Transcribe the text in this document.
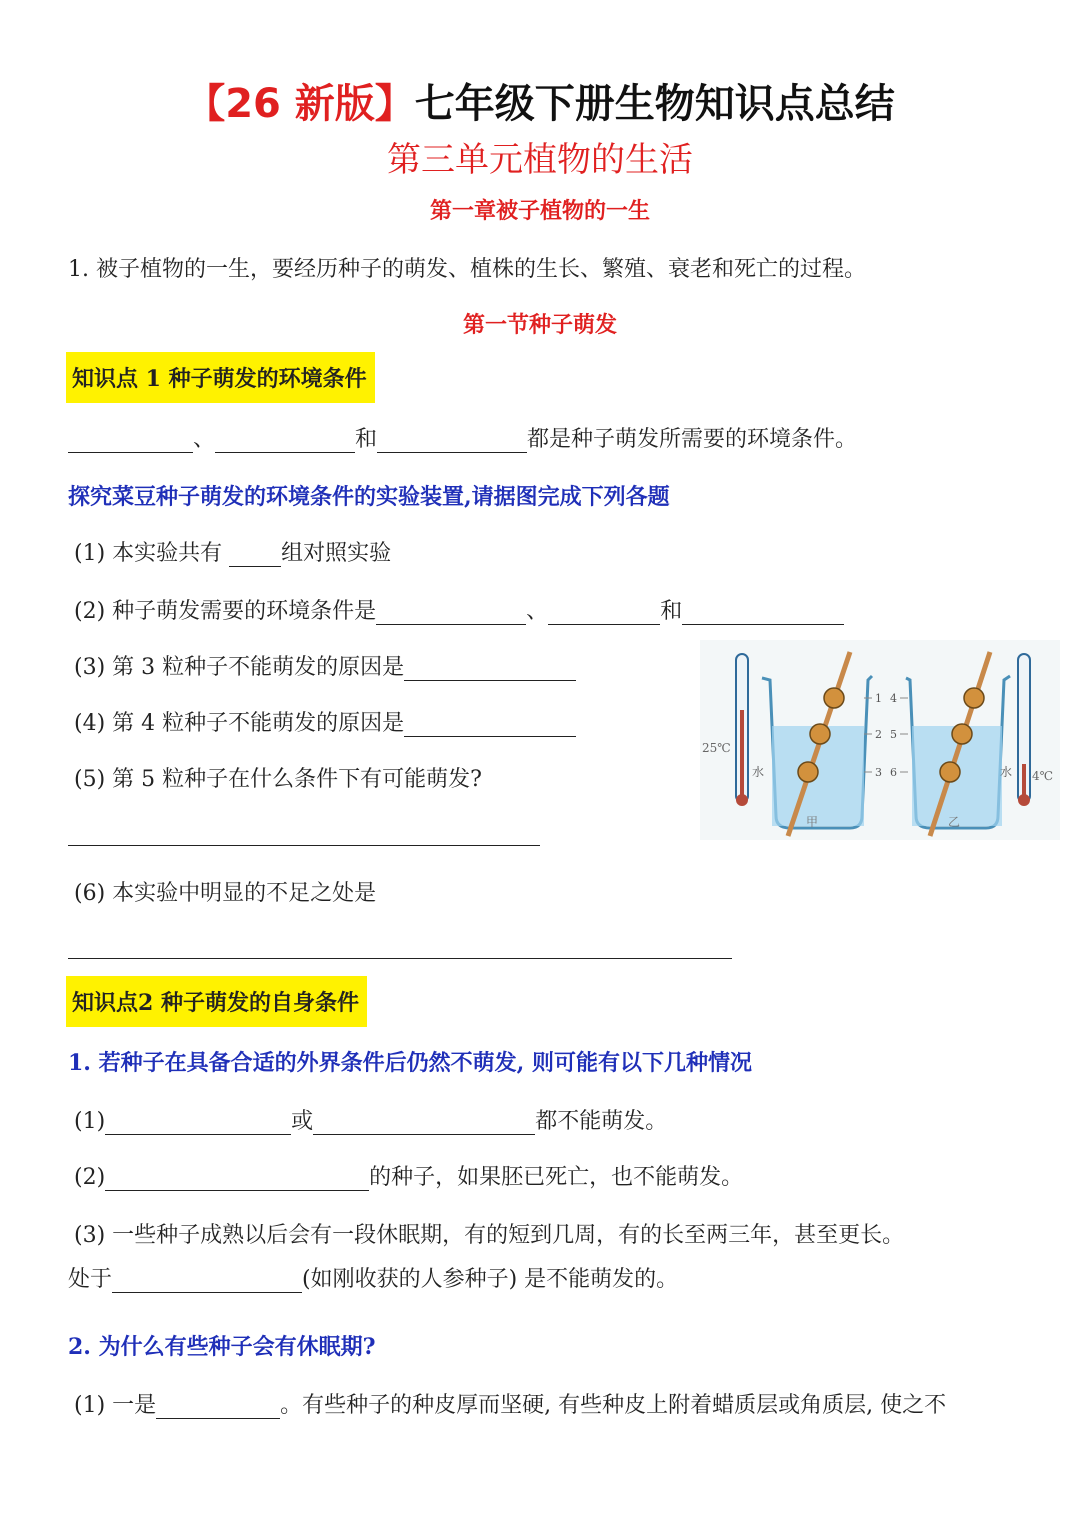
【26 新版】七年级下册生物知识点总结
第三单元植物的生活
第一章被子植物的一生
1. 被子植物的一生，要经历种子的萌发、植株的生长、繁殖、衰老和死亡的过程。
第一节种子萌发
知识点 1 种子萌发的环境条件
、	和	都是种子萌发所需要的环境条件。
探究菜豆种子萌发的环境条件的实验装置,请据图完成下列各题
(1) 本实验共有 组对照实验
(2) 种子萌发需要的环境条件是	、	和
(3) 第 3 粒种子不能萌发的原因是
(4) 第 4 粒种子不能萌发的原因是
(5) 第 5 粒种子在什么条件下有可能萌发?
(6) 本实验中明显的不足之处是
25℃
1
2
3
水
甲
4
5
6	水
乙
4℃
知识点2 种子萌发的自身条件
1. 若种子在具备合适的外界条件后仍然不萌发, 则可能有以下几种情况
(1)	或	都不能萌发。
(2)	的种子，如果胚已死亡，也不能萌发。
(3) 一些种子成熟以后会有一段休眠期，有的短到几周，有的长至两三年，甚至更长。
处于	(如刚收获的人参种子) 是不能萌发的。
2. 为什么有些种子会有休眠期?
(1) 一是	。有些种子的种皮厚而坚硬, 有些种皮上附着蜡质层或角质层, 使之不
